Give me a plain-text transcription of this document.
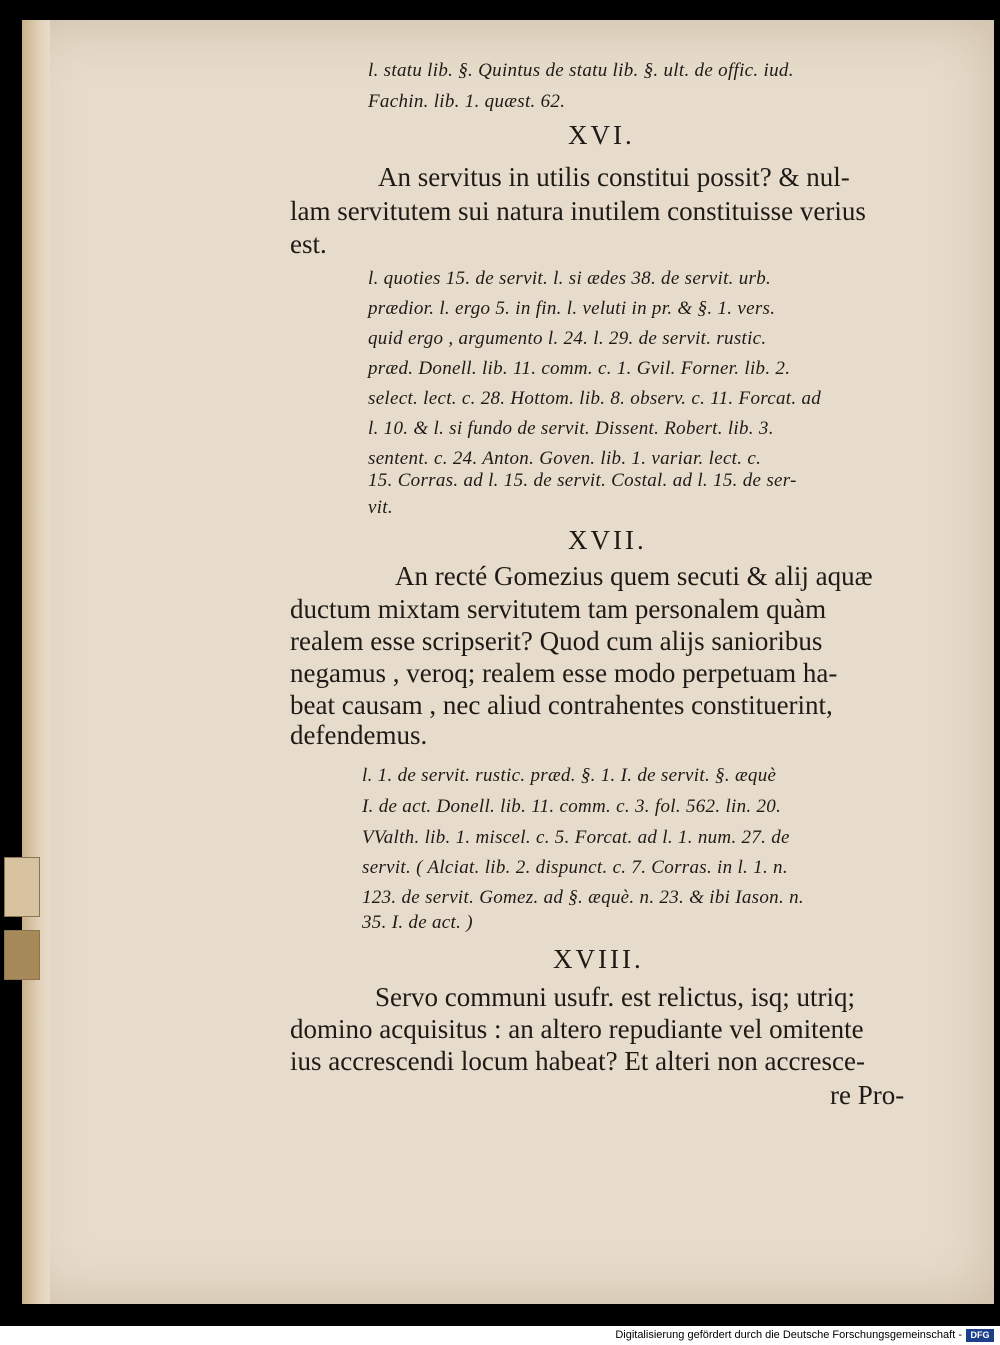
l. statu lib. §. Quintus de statu lib. §. ult. de offic. iud.
Fachin. lib. 1. quæst. 62.
XVI.
An servitus in utilis constitui possit? & nul-
lam servitutem sui natura inutilem constituisse verius
est.
l. quoties 15. de servit. l. si ædes 38. de servit. urb.
prædior. l. ergo 5. in fin. l. veluti in pr. & §. 1. vers.
quid ergo , argumento l. 24. l. 29. de servit. rustic.
præd. Donell. lib. 11. comm. c. 1. Gvil. Forner. lib. 2.
select. lect. c. 28. Hottom. lib. 8. observ. c. 11. Forcat. ad
l. 10. & l. si fundo de servit. Dissent. Robert. lib. 3.
sentent. c. 24. Anton. Goven. lib. 1. variar. lect. c.
15. Corras. ad l. 15. de servit. Costal. ad l. 15. de ser-
vit.
XVII.
An recté Gomezius quem secuti & alij aquæ
ductum mixtam servitutem tam personalem quàm
realem esse scripserit? Quod cum alijs sanioribus
negamus , veroq; realem esse modo perpetuam ha-
beat causam , nec aliud contrahentes constituerint,
defendemus.
l. 1. de servit. rustic. præd. §. 1. I. de servit. §. æquè
I. de act. Donell. lib. 11. comm. c. 3. fol. 562. lin. 20.
VValth. lib. 1. miscel. c. 5. Forcat. ad l. 1. num. 27. de
servit. ( Alciat. lib. 2. dispunct. c. 7. Corras. in l. 1. n.
123. de servit. Gomez. ad §. æquè. n. 23. & ibi Iason. n.
35. I. de act. )
XVIII.
Servo communi usufr. est relictus, isq; utriq;
domino acquisitus : an altero repudiante vel omitente
ius accrescendi locum habeat? Et alteri non accresce-
re Pro-
Digitalisierung gefördert durch die Deutsche Forschungsgemeinschaft - DFG
